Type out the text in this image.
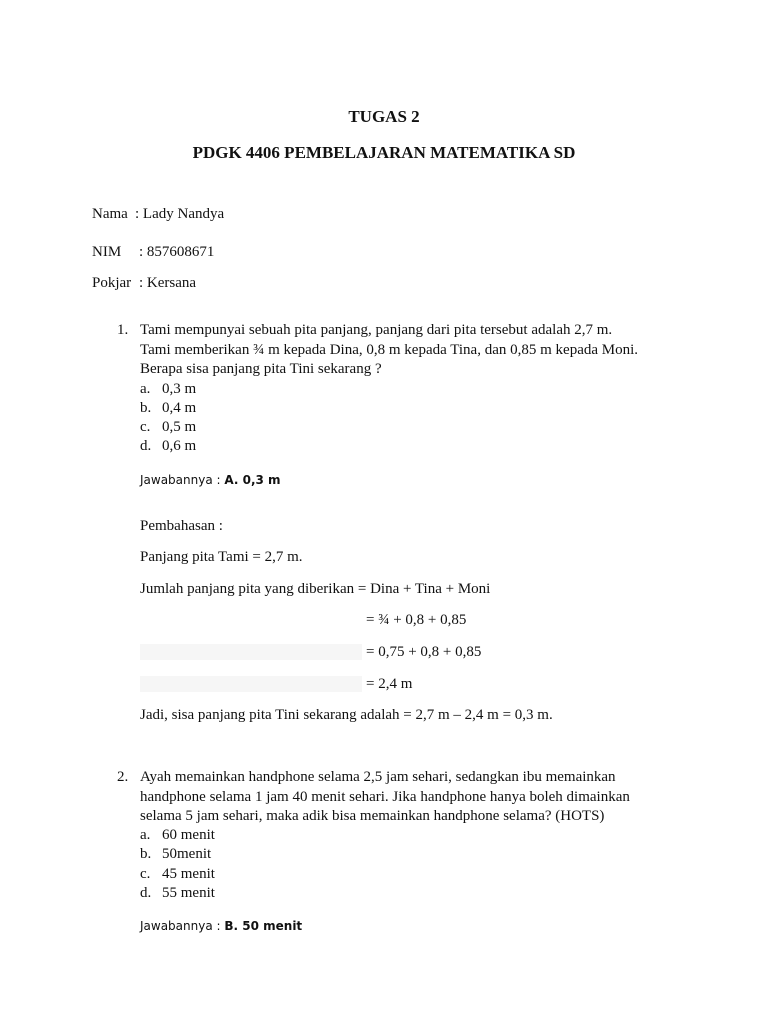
TUGAS 2
PDGK 4406 PEMBELAJARAN MATEMATIKA SD
Nama : Lady Nandya
NIM : 857608671
Pokjar : Kersana
1. Tami mempunyai sebuah pita panjang, panjang dari pita tersebut adalah 2,7 m.
Tami memberikan ¾ m kepada Dina, 0,8 m kepada Tina, dan 0,85 m kepada Moni.
Berapa sisa panjang pita Tini sekarang ?
a. 0,3 m
b. 0,4 m
c. 0,5 m
d. 0,6 m
Jawabannya : A. 0,3 m
Pembahasan :
Panjang pita Tami = 2,7 m.
Jumlah panjang pita yang diberikan = Dina + Tina + Moni
= ¾ + 0,8 + 0,85
= 0,75 + 0,8 + 0,85
= 2,4 m
Jadi, sisa panjang pita Tini sekarang adalah = 2,7 m – 2,4 m = 0,3 m.
2. Ayah memainkan handphone selama 2,5 jam sehari, sedangkan ibu memainkan
handphone selama 1 jam 40 menit sehari. Jika handphone hanya boleh dimainkan
selama 5 jam sehari, maka adik bisa memainkan handphone selama? (HOTS)
a. 60 menit
b. 50menit
c. 45 menit
d. 55 menit
Jawabannya : B. 50 menit
